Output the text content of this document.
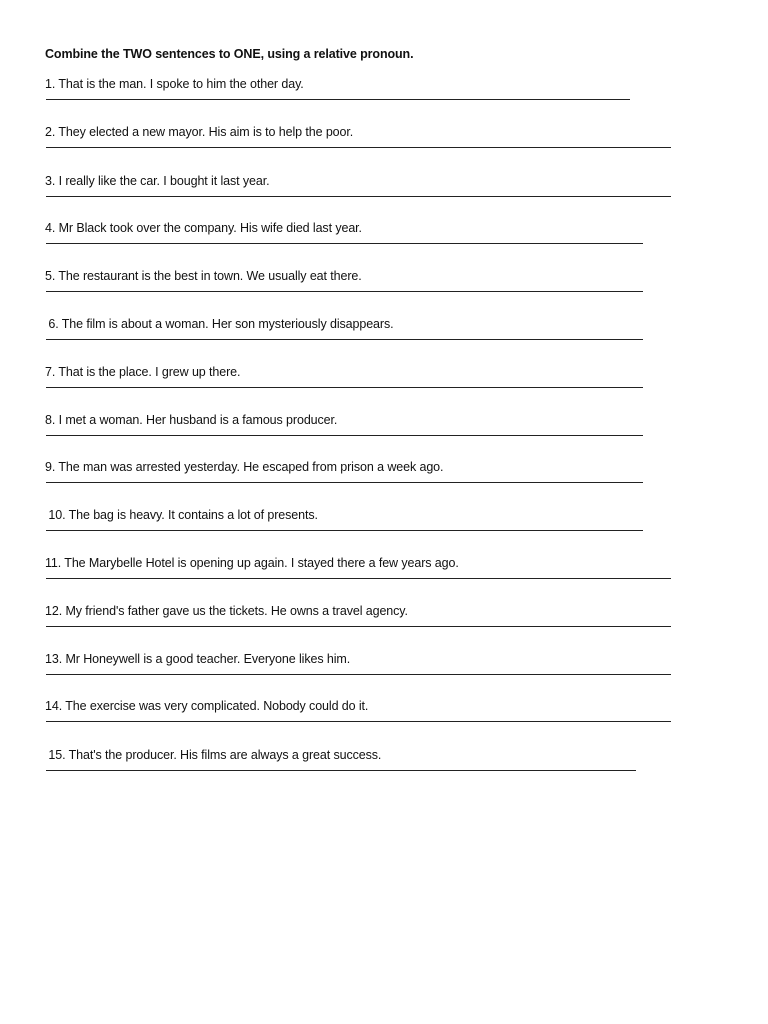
Combine the TWO sentences to ONE, using a relative pronoun.
1. That is the man. I spoke to him the other day.
2. They elected a new mayor. His aim is to help the poor.
3. I really like the car. I bought it last year.
4. Mr Black took over the company. His wife died last year.
5. The restaurant is the best in town. We usually eat there.
6. The film is about a woman. Her son mysteriously disappears.
7. That is the place. I grew up there.
8. I met a woman. Her husband is a famous producer.
9. The man was arrested yesterday. He escaped from prison a week ago.
10. The bag is heavy. It contains a lot of presents.
11. The Marybelle Hotel is opening up again. I stayed there a few years ago.
12. My friend's father gave us the tickets. He owns a travel agency.
13. Mr Honeywell is a good teacher. Everyone likes him.
14. The exercise was very complicated. Nobody could do it.
15. That's the producer. His films are always a great success.
